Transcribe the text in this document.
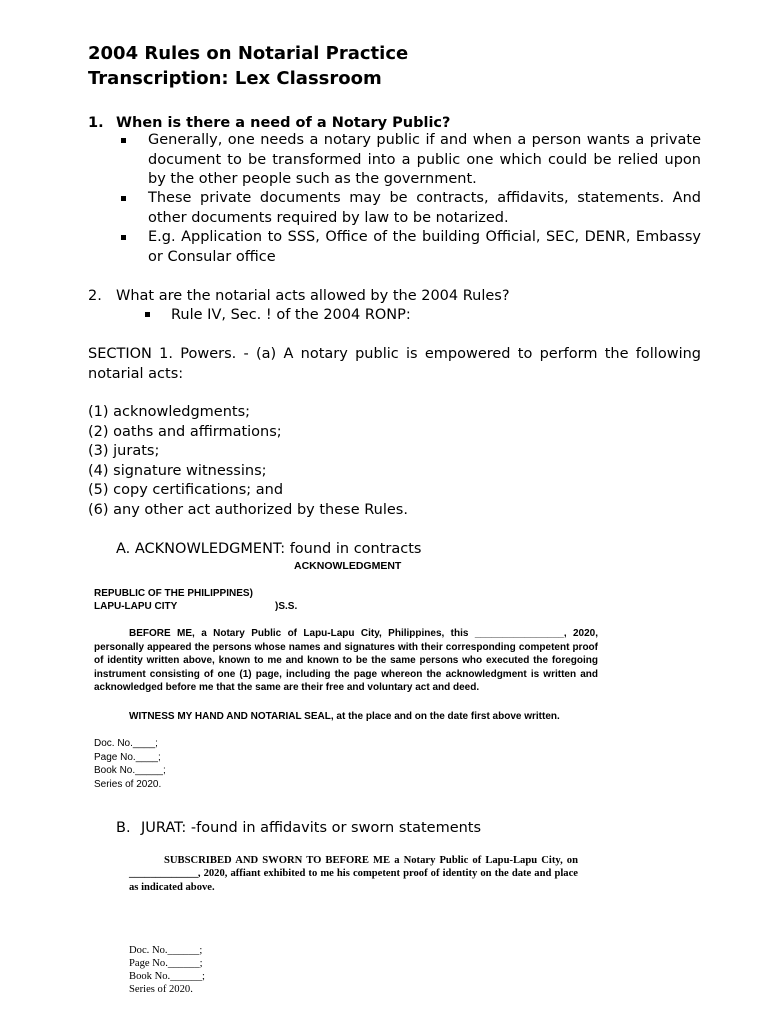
2004 Rules on Notarial Practice
Transcription: Lex Classroom
1. When is there a need of a Notary Public?
Generally, one needs a notary public if and when a person wants a private document to be transformed into a public one which could be relied upon by the other people such as the government.
These private documents may be contracts, affidavits, statements. And other documents required by law to be notarized.
E.g. Application to SSS, Office of the building Official, SEC, DENR, Embassy or Consular office
2. What are the notarial acts allowed by the 2004 Rules?
Rule IV, Sec. ! of the 2004 RONP:
SECTION 1. Powers. - (a) A notary public is empowered to perform the following notarial acts:
(1) acknowledgments;
(2) oaths and affirmations;
(3) jurats;
(4) signature witnessins;
(5) copy certifications; and
(6) any other act authorized by these Rules.
A. ACKNOWLEDGMENT: found in contracts
ACKNOWLEDGMENT
REPUBLIC OF THE PHILIPPINES)
LAPU-LAPU CITY	)S.S.
BEFORE ME, a Notary Public of Lapu-Lapu City, Philippines, this ________________, 2020, personally appeared the persons whose names and signatures with their corresponding competent proof of identity written above, known to me and known to be the same persons who executed the foregoing instrument consisting of one (1) page, including the page whereon the acknowledgment is written and acknowledged before me that the same are their free and voluntary act and deed.
WITNESS MY HAND AND NOTARIAL SEAL, at the place and on the date first above written.
Doc. No.____;
Page No.____;
Book No._____;
Series of 2020.
B. JURAT: -found in affidavits or sworn statements
SUBSCRIBED AND SWORN TO BEFORE ME a Notary Public of Lapu-Lapu City, on _____________, 2020, affiant exhibited to me his competent proof of identity on the date and place as indicated above.
Doc. No.______;
Page No.______;
Book No.______;
Series of 2020.
